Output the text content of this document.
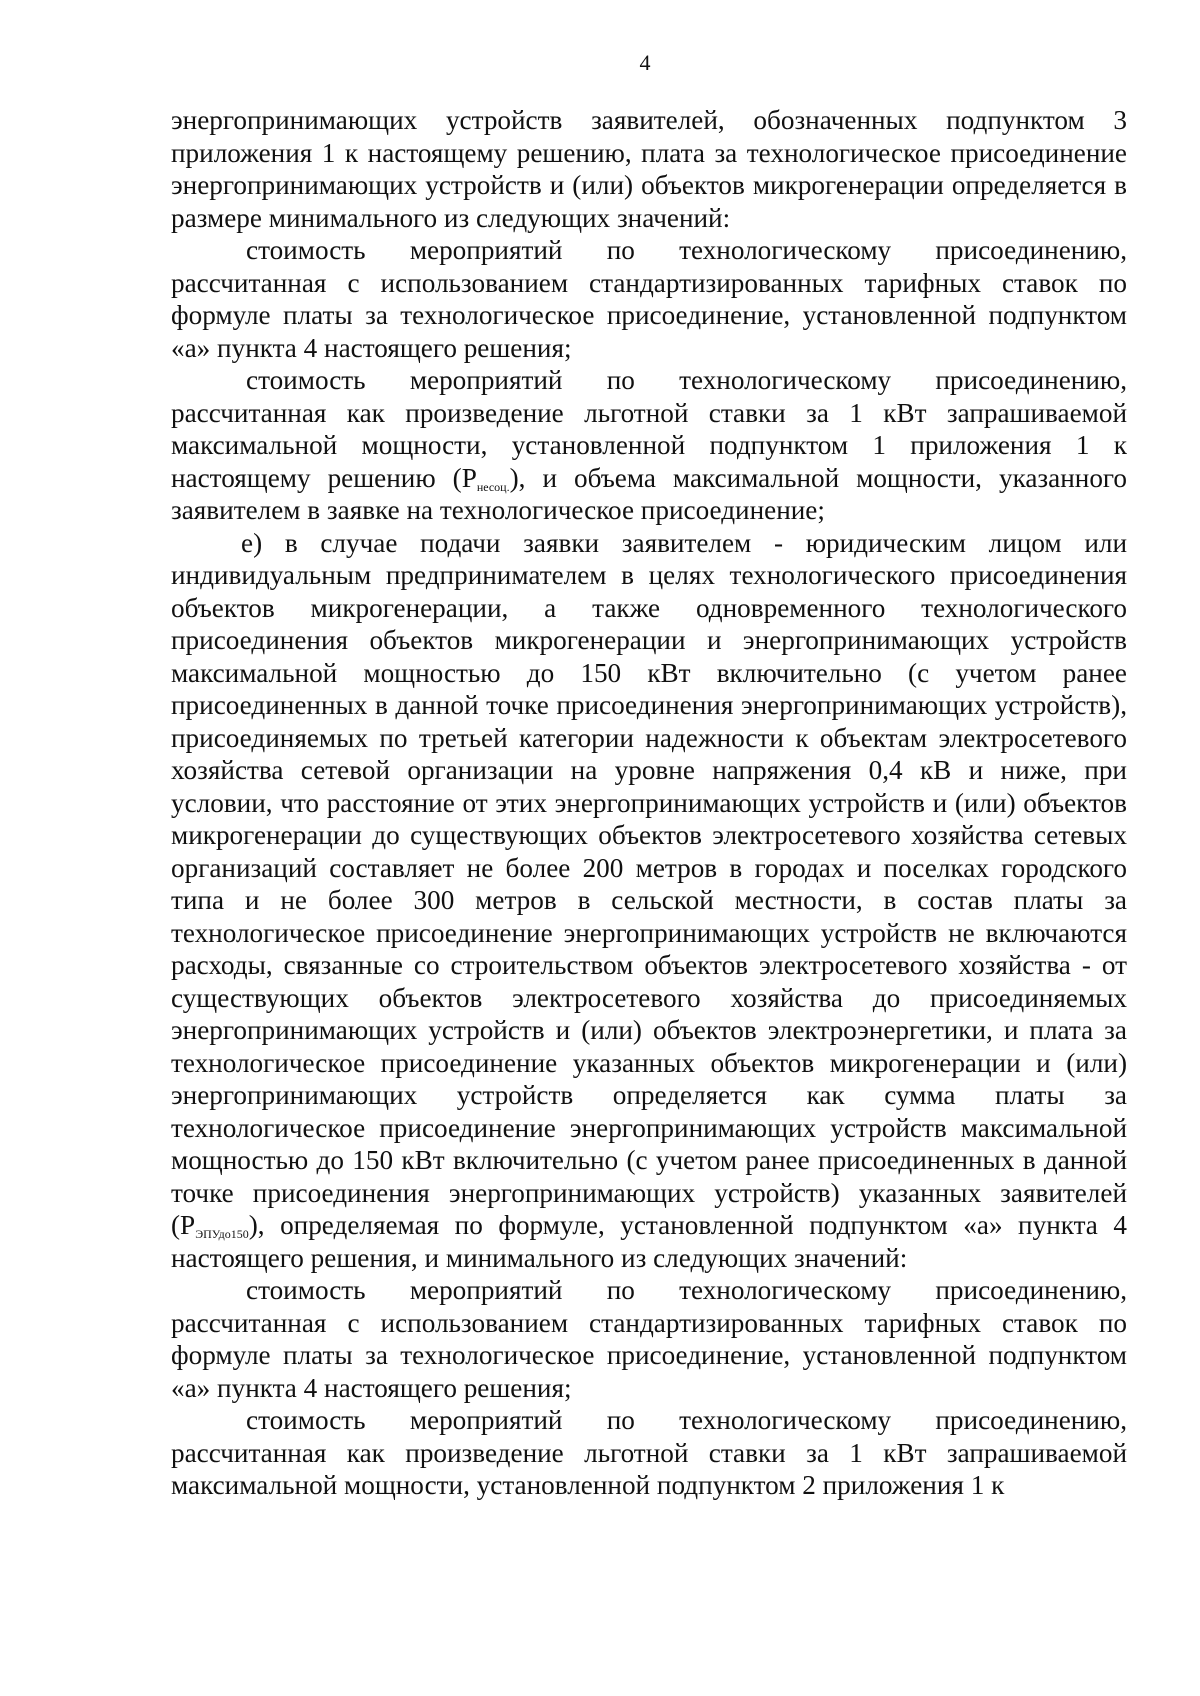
4

энергопринимающих устройств заявителей, обозначенных подпунктом 3 приложения 1 к настоящему решению, плата за технологическое присоединение энергопринимающих устройств и (или) объектов микрогенерации определяется в размере минимального из следующих значений:

стоимость мероприятий по технологическому присоединению, рассчитанная с использованием стандартизированных тарифных ставок по формуле платы за технологическое присоединение, установленной подпунктом «а» пункта 4 настоящего решения;

стоимость мероприятий по технологическому присоединению, рассчитанная как произведение льготной ставки за 1 кВт запрашиваемой максимальной мощности, установленной подпунктом 1 приложения 1 к настоящему решению $(P_{несоц.})$, и объема максимальной мощности, указанного заявителем в заявке на технологическое присоединение;

е) в случае подачи заявки заявителем - юридическим лицом или индивидуальным предпринимателем в целях технологического присоединения объектов микрогенерации, а также одновременного технологического присоединения объектов микрогенерации и энергопринимающих устройств максимальной мощностью до 150 кВт включительно (с учетом ранее присоединенных в данной точке присоединения энергопринимающих устройств), присоединяемых по третьей категории надежности к объектам электросетевого хозяйства сетевой организации на уровне напряжения 0,4 кВ и ниже, при условии, что расстояние от этих энергопринимающих устройств и (или) объектов микрогенерации до существующих объектов электросетевого хозяйства сетевых организаций составляет не более 200 метров в городах и поселках городского типа и не более 300 метров в сельской местности, в состав платы за технологическое присоединение энергопринимающих устройств не включаются расходы, связанные со строительством объектов электросетевого хозяйства - от существующих объектов электросетевого хозяйства до присоединяемых энергопринимающих устройств и (или) объектов электроэнергетики, и плата за технологическое присоединение указанных объектов микрогенерации и (или) энергопринимающих устройств определяется как сумма платы за технологическое присоединение энергопринимающих устройств максимальной мощностью до 150 кВт включительно (с учетом ранее присоединенных в данной точке присоединения энергопринимающих устройств) указанных заявителей $(P_{ЭПУдо150})$, определяемая по формуле, установленной подпунктом «а» пункта 4 настоящего решения, и минимального из следующих значений:

стоимость мероприятий по технологическому присоединению, рассчитанная с использованием стандартизированных тарифных ставок по формуле платы за технологическое присоединение, установленной подпунктом «а» пункта 4 настоящего решения;

стоимость мероприятий по технологическому присоединению, рассчитанная как произведение льготной ставки за 1 кВт запрашиваемой максимальной мощности, установленной подпунктом 2 приложения 1 к
